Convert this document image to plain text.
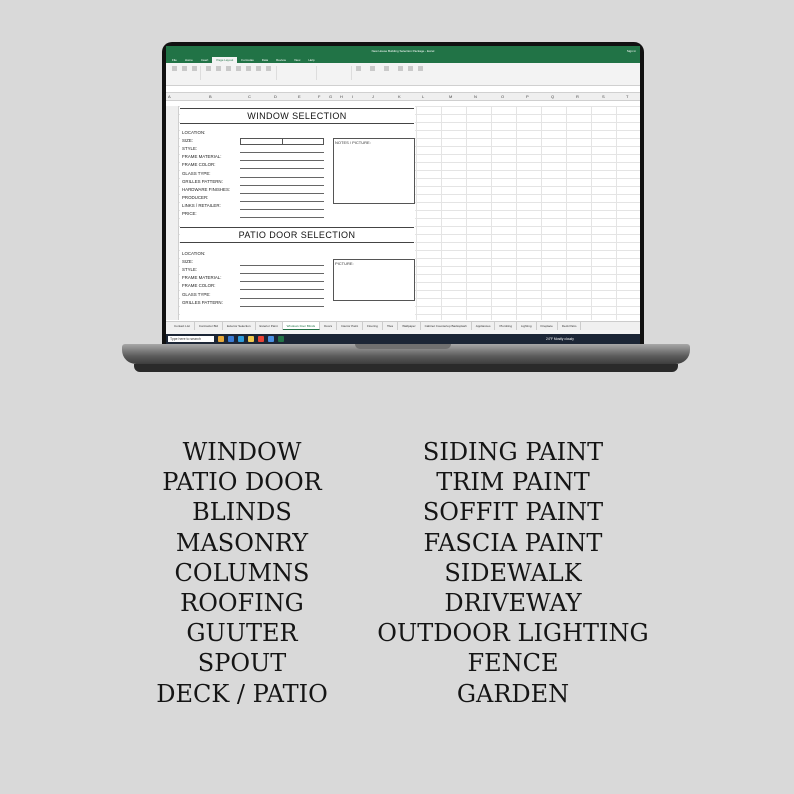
New House Building Selection Package - Excel	Sign in
File	Home	Insert	Page Layout	Formulas	Data	Review	View	Help
A	B	C	D	E	F G H I	J	K	L	M	N	O	P	Q	R	S	T
WINDOW SELECTION
LOCATION:
SIZE:
STYLE:
FRAME MATERIAL:
FRAME COLOR:
GLASS TYPE:
GRILLES PATTERN:
HARDWARE FINISHES:
PRODUCER:
LINKS / RETAILER:
PRICE:
NOTES / PICTURE:
PATIO DOOR SELECTION
LOCATION:
SIZE:
STYLE:
FRAME MATERIAL:
FRAME COLOR:
GLASS TYPE:
GRILLES PATTERN:
PICTURE:
Contact List	Contractor Bid	Exterior Selection	Exterior Paint	Windows Door Blinds	Doors	Interior Paint	Flooring	Tiles	Wallpaper	Cabinet Countertop Backsplash	Appliances	Plumbing	Lighting	Fireplace	Deck Patio
Type here to search	24°F Mostly cloudy
WINDOW
PATIO DOOR
BLINDS
MASONRY
COLUMNS
ROOFING
GUUTER
SPOUT
DECK / PATIO
SIDING PAINT
TRIM PAINT
SOFFIT PAINT
FASCIA PAINT
SIDEWALK
DRIVEWAY
OUTDOOR LIGHTING
FENCE
GARDEN
